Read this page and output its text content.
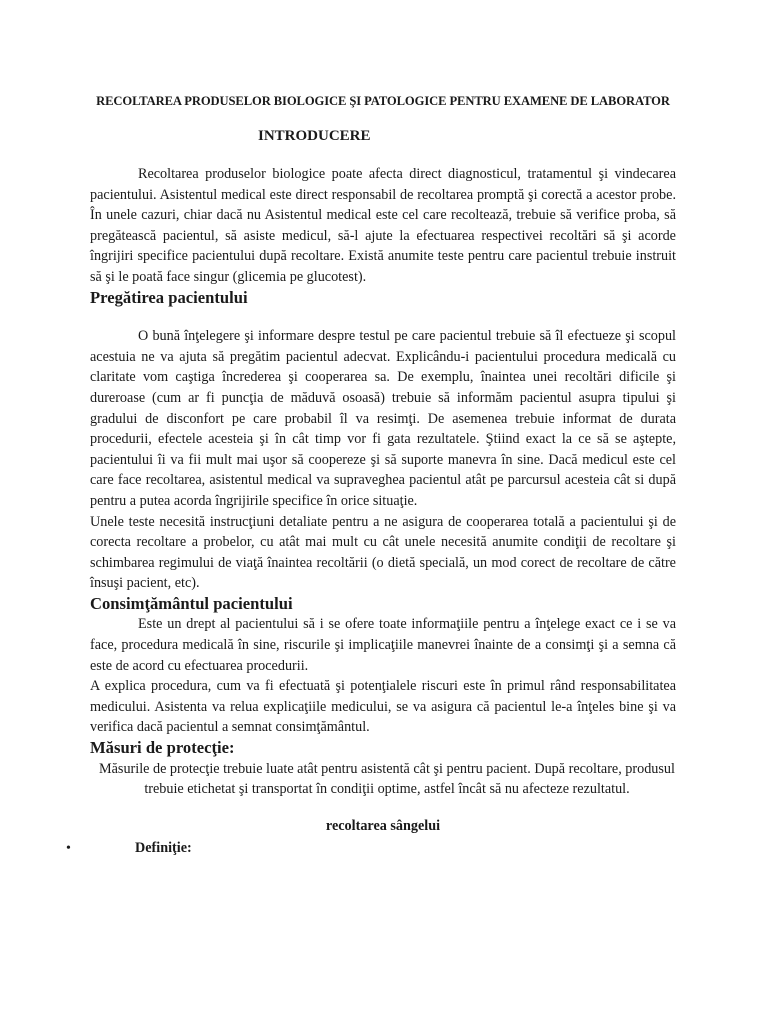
RECOLTAREA PRODUSELOR BIOLOGICE ŞI PATOLOGICE PENTRU EXAMENE DE LABORATOR
INTRODUCERE

Recoltarea produselor biologice poate afecta direct diagnosticul, tratamentul şi vindecarea pacientului. Asistentul medical este direct responsabil de recoltarea promptă şi corectă a acestor probe. În unele cazuri, chiar dacă nu Asistentul medical este cel care recoltează, trebuie să verifice proba, să pregătească pacientul, să asiste medicul, să-l ajute la efectuarea respectivei recoltări să şi acorde îngrijiri specifice pacientului după recoltare. Există anumite teste pentru care pacientul trebuie instruit să şi le poată face singur (glicemia pe glucotest).

Pregătirea pacientului

O bună înţelegere şi informare despre testul pe care pacientul trebuie să îl efectueze şi scopul acestuia ne va ajuta să pregătim pacientul adecvat. Explicându-i pacientului procedura medicală cu claritate vom caştiga încrederea şi cooperarea sa. De exemplu, înaintea unei recoltări dificile şi dureroase (cum ar fi puncţia de măduvă osoasă) trebuie să informăm pacientul asupra tipului şi gradului de disconfort pe care probabil îl va resimţi. De asemenea trebuie informat de durata procedurii, efectele acesteia şi în cât timp vor fi gata rezultatele. Ştiind exact la ce să se aştepte, pacientului îi va fii mult mai uşor să coopereze şi să suporte manevra în sine. Dacă medicul este cel care face recoltarea, asistentul medical va supraveghea pacientul atât pe parcursul acesteia cât si după pentru a putea acorda îngrijirile specifice în orice situaţie.

Unele teste necesită instrucţiuni detaliate pentru a ne asigura de cooperarea totală a pacientului şi de corecta recoltare a probelor, cu atât mai mult cu cât unele necesită anumite condiţii de recoltare şi schimbarea regimului de viaţă înaintea recoltării (o dietă specială, un mod corect de recoltare de către însuşi pacient, etc).

Consimţământul pacientului

Este un drept al pacientului să i se ofere toate informaţiile pentru a înţelege exact ce i se va face, procedura medicală în sine, riscurile şi implicaţiile manevrei înainte de a consimţi şi a semna că este de acord cu efectuarea procedurii.

A explica procedura, cum va fi efectuată şi potenţialele riscuri este în primul rând responsabilitatea medicului. Asistenta va relua explicaţiile medicului, se va asigura că pacientul le-a înţeles bine şi va verifica dacă pacientul a semnat consimţământul.

Măsuri de protecţie:

Măsurile de protecţie trebuie luate atât pentru asistentă cât şi pentru pacient. După recoltare, produsul trebuie etichetat şi transportat în condiţii optime, astfel încât să nu afecteze rezultatul.

recoltarea sângelui
•	Definiţie:
